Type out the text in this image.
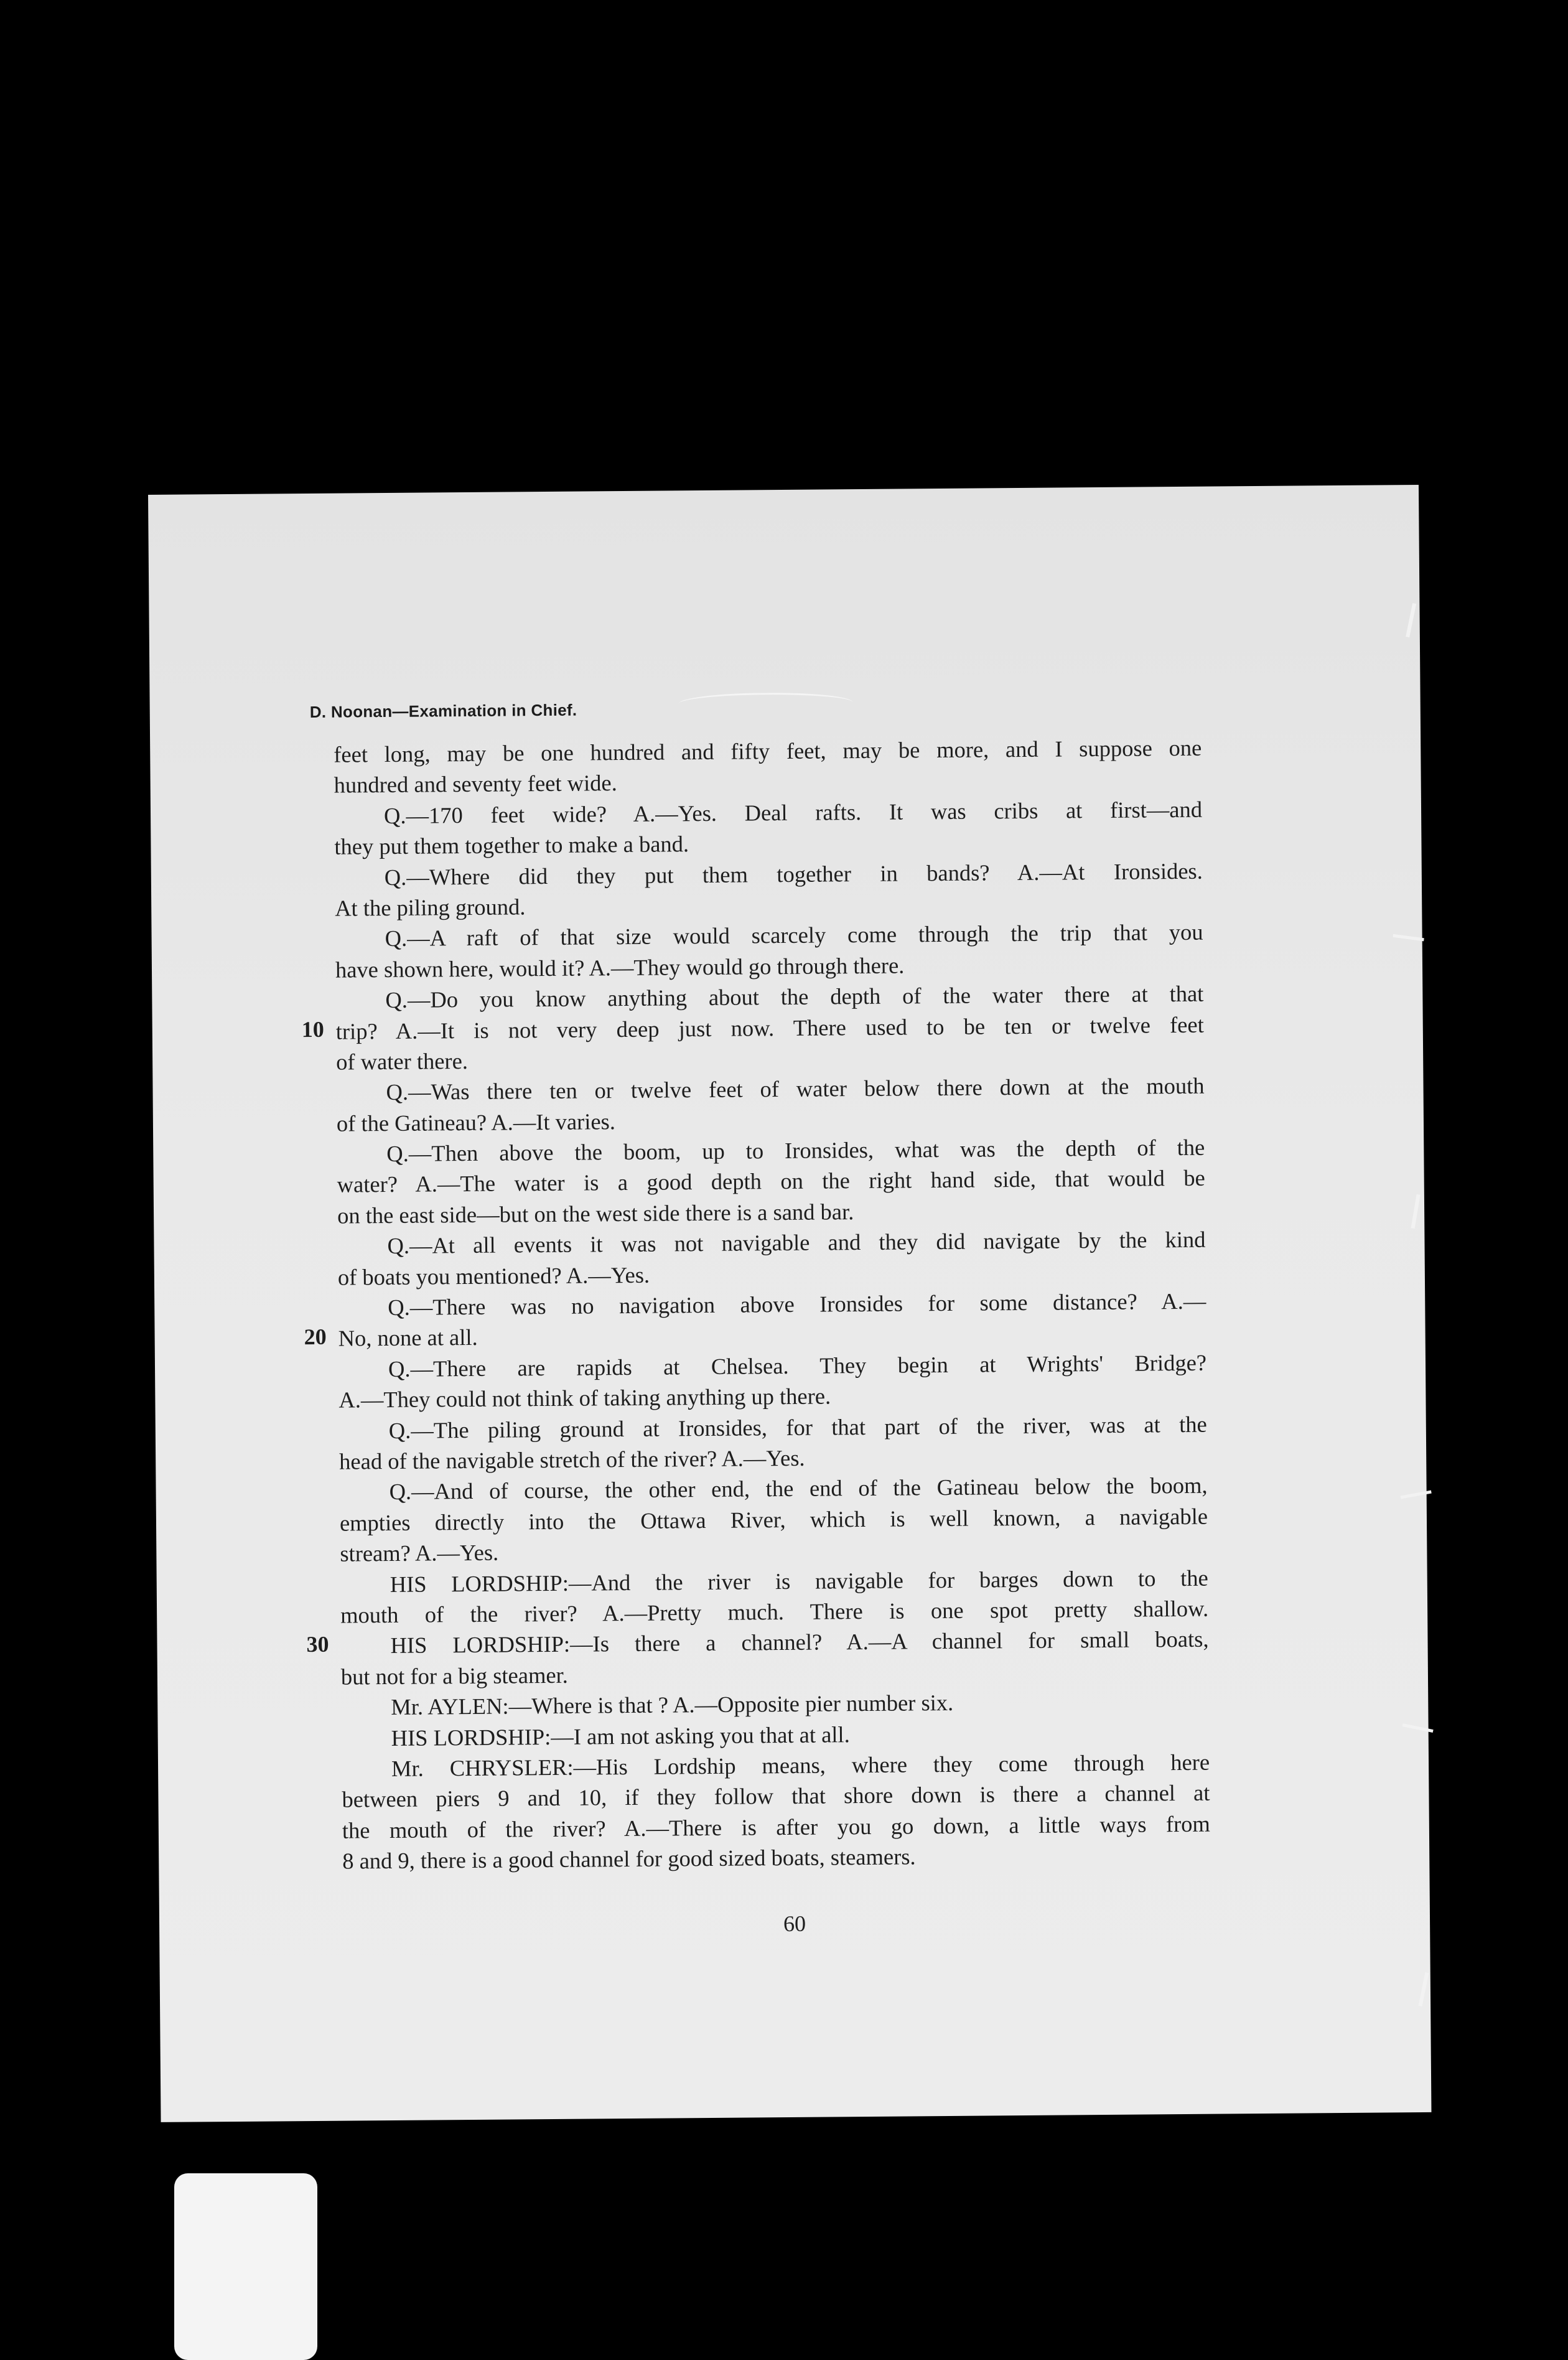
D. Noonan—Examination in Chief.
feet long, may be one hundred and fifty feet, may be more, and I suppose one
hundred and seventy feet wide.
Q.—170 feet wide? A.—Yes. Deal rafts. It was cribs at first—and
they put them together to make a band.
Q.—Where did they put them together in bands? A.—At Ironsides.
At the piling ground.
Q.—A raft of that size would scarcely come through the trip that you
have shown here, would it? A.—They would go through there.
Q.—Do you know anything about the depth of the water there at that
trip? A.—It is not very deep just now. There used to be ten or twelve feet
of water there.
Q.—Was there ten or twelve feet of water below there down at the mouth
of the Gatineau? A.—It varies.
Q.—Then above the boom, up to Ironsides, what was the depth of the
water? A.—The water is a good depth on the right hand side, that would be
on the east side—but on the west side there is a sand bar.
Q.—At all events it was not navigable and they did navigate by the kind
of boats you mentioned? A.—Yes.
Q.—There was no navigation above Ironsides for some distance? A.—
No, none at all.
Q.—There are rapids at Chelsea. They begin at Wrights' Bridge?
A.—They could not think of taking anything up there.
Q.—The piling ground at Ironsides, for that part of the river, was at the
head of the navigable stretch of the river? A.—Yes.
Q.—And of course, the other end, the end of the Gatineau below the boom,
empties directly into the Ottawa River, which is well known, a navigable
stream? A.—Yes.
HIS LORDSHIP:—And the river is navigable for barges down to the
mouth of the river? A.—Pretty much. There is one spot pretty shallow.
HIS LORDSHIP:—Is there a channel? A.—A channel for small boats,
but not for a big steamer.
Mr. AYLEN:—Where is that ? A.—Opposite pier number six.
HIS LORDSHIP:—I am not asking you that at all.
Mr. CHRYSLER:—His Lordship means, where they come through here
between piers 9 and 10, if they follow that shore down is there a channel at
the mouth of the river? A.—There is after you go down, a little ways from
8 and 9, there is a good channel for good sized boats, steamers.
60
10
20
30
